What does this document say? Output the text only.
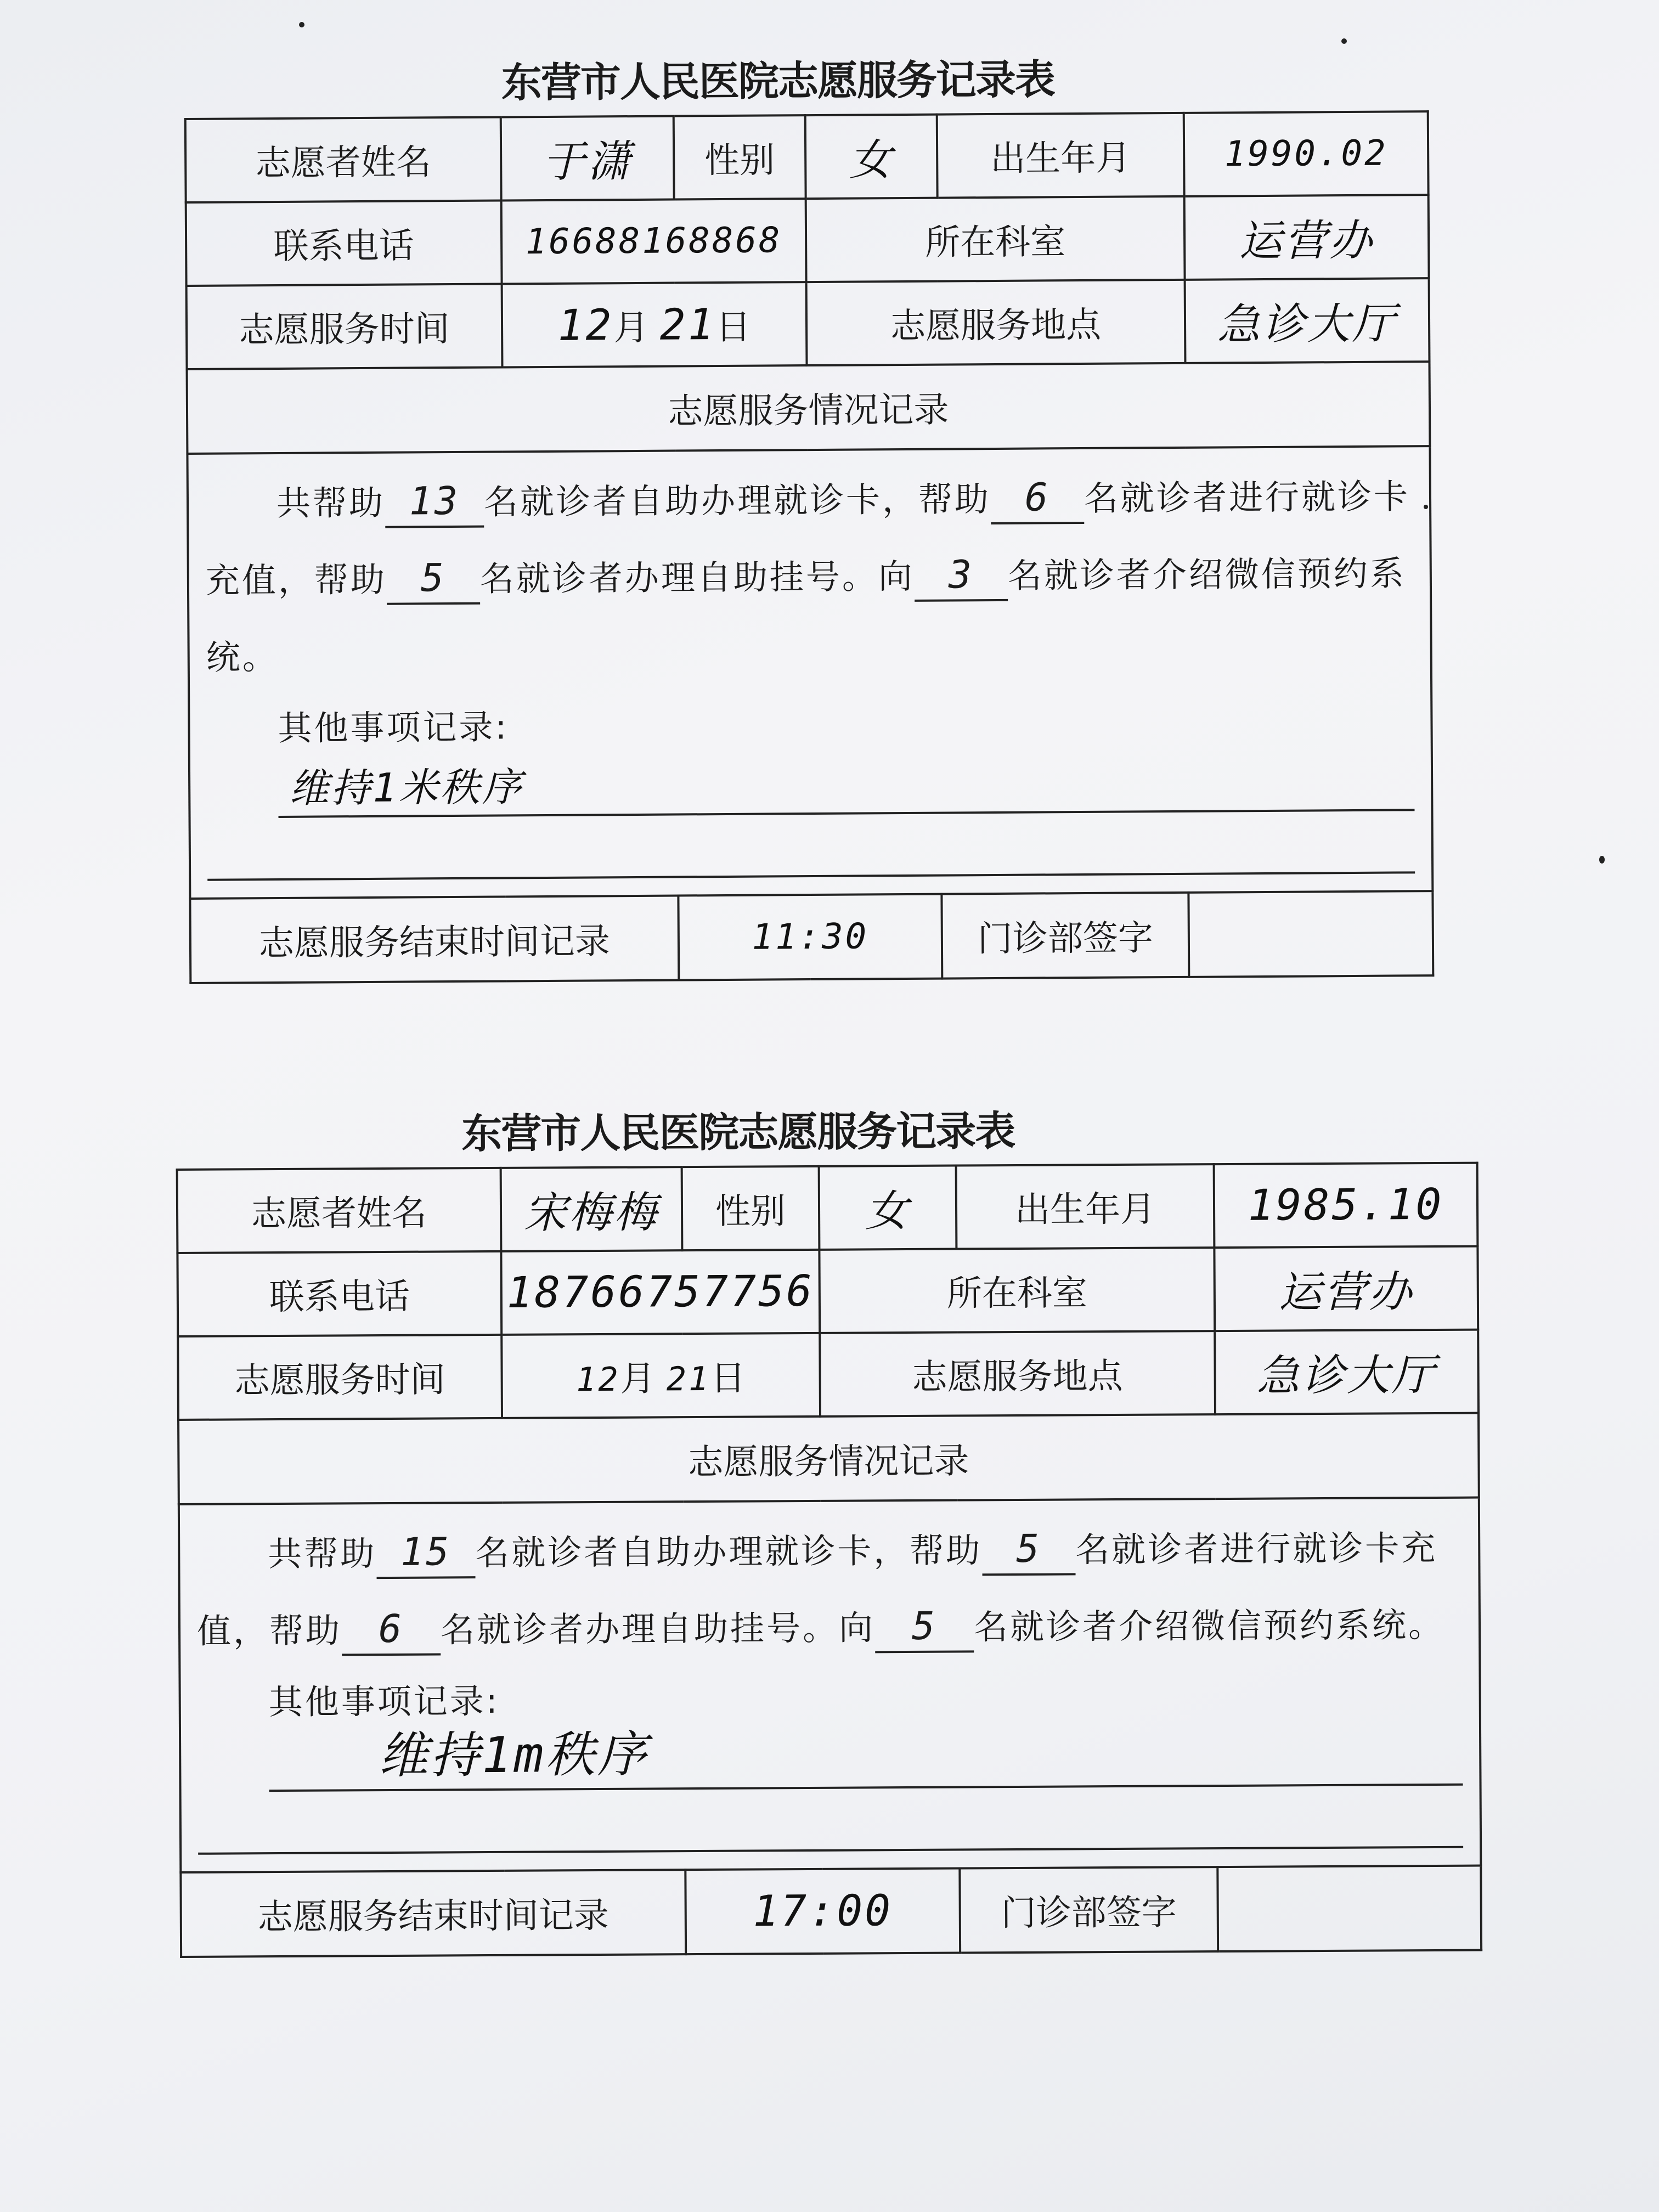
东营市人民医院志愿服务记录表
志愿者姓名	于潇	性别	女	出生年月	1990.02
联系电话	16688168868		所在科室		运营办
志愿服务时间	12月 21日		志愿服务地点		急诊大厅
志愿服务情况记录					

共帮助 13 名就诊者自助办理就诊卡，帮助 6 名就诊者进行就诊卡充值，帮助 5 名就诊者办理自助挂号。向 3 名就诊者介绍微信预约系统。
其他事项记录:
维持1米秩序					

志愿服务结束时间记录		11:30		门诊部签字	
东营市人民医院志愿服务记录表
志愿者姓名	宋梅梅	性别	女	出生年月	1985.10
联系电话	18766757756		所在科室		运营办
志愿服务时间	12月 21日		志愿服务地点		急诊大厅
志愿服务情况记录					

共帮助 15 名就诊者自助办理就诊卡，帮助 5 名就诊者进行就诊卡充值，帮助 6 名就诊者办理自助挂号。向 5 名就诊者介绍微信预约系统。
其他事项记录:
维持1m秩序					

志愿服务结束时间记录		17:00		门诊部签字	
